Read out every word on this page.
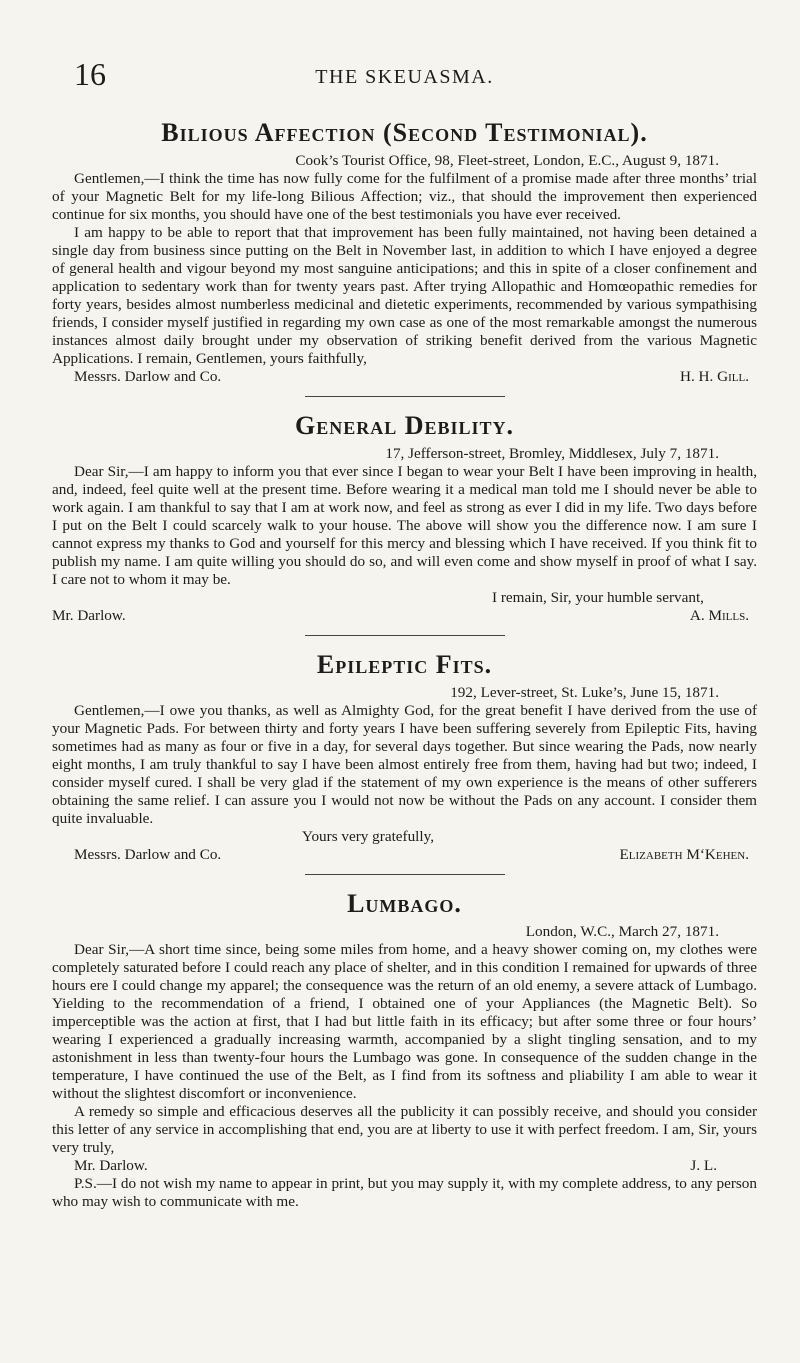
16	THE SKEUASMA.
Bilious Affection (Second Testimonial).
Cook’s Tourist Office, 98, Fleet-street, London, E.C., August 9, 1871.

Gentlemen,—I think the time has now fully come for the fulfilment of a promise made after three months’ trial of your Magnetic Belt for my life-long Bilious Affection; viz., that should the improvement then experienced continue for six months, you should have one of the best testimonials you have ever received.

I am happy to be able to report that that improvement has been fully maintained, not having been detained a single day from business since putting on the Belt in November last, in addition to which I have enjoyed a degree of general health and vigour beyond my most sanguine anticipations; and this in spite of a closer confinement and application to sedentary work than for twenty years past. After trying Allopathic and Homœopathic remedies for forty years, besides almost numberless medicinal and dietetic experiments, recommended by various sympathising friends, I consider myself justified in regarding my own case as one of the most remarkable amongst the numerous instances almost daily brought under my observation of striking benefit derived from the various Magnetic Applications. I remain, Gentlemen, yours faithfully,

Messrs. Darlow and Co.	H. H. Gill.
General Debility.
17, Jefferson-street, Bromley, Middlesex, July 7, 1871.

Dear Sir,—I am happy to inform you that ever since I began to wear your Belt I have been improving in health, and, indeed, feel quite well at the present time. Before wearing it a medical man told me I should never be able to work again. I am thankful to say that I am at work now, and feel as strong as ever I did in my life. Two days before I put on the Belt I could scarcely walk to your house. The above will show you the difference now. I am sure I cannot express my thanks to God and yourself for this mercy and blessing which I have received. If you think fit to publish my name. I am quite willing you should do so, and will even come and show myself in proof of what I say. I care not to whom it may be.

I remain, Sir, your humble servant,
Mr. Darlow.	A. Mills.
Epileptic Fits.
192, Lever-street, St. Luke’s, June 15, 1871.

Gentlemen,—I owe you thanks, as well as Almighty God, for the great benefit I have derived from the use of your Magnetic Pads. For between thirty and forty years I have been suffering severely from Epileptic Fits, having sometimes had as many as four or five in a day, for several days together. But since wearing the Pads, now nearly eight months, I am truly thankful to say I have been almost entirely free from them, having had but two; indeed, I consider myself cured. I shall be very glad if the statement of my own experience is the means of other sufferers obtaining the same relief. I can assure you I would not now be without the Pads on any account. I consider them quite invaluable.

Yours very gratefully,
Messrs. Darlow and Co.	Elizabeth M‘Kehen.
Lumbago.
London, W.C., March 27, 1871.

Dear Sir,—A short time since, being some miles from home, and a heavy shower coming on, my clothes were completely saturated before I could reach any place of shelter, and in this condition I remained for upwards of three hours ere I could change my apparel; the consequence was the return of an old enemy, a severe attack of Lumbago. Yielding to the recommendation of a friend, I obtained one of your Appliances (the Magnetic Belt). So imperceptible was the action at first, that I had but little faith in its efficacy; but after some three or four hours’ wearing I experienced a gradually increasing warmth, accompanied by a slight tingling sensation, and to my astonishment in less than twenty-four hours the Lumbago was gone. In consequence of the sudden change in the temperature, I have continued the use of the Belt, as I find from its softness and pliability I am able to wear it without the slightest discomfort or inconvenience.

A remedy so simple and efficacious deserves all the publicity it can possibly receive, and should you consider this letter of any service in accomplishing that end, you are at liberty to use it with perfect freedom. I am, Sir, yours very truly,

Mr. Darlow.	J. L.

P.S.—I do not wish my name to appear in print, but you may supply it, with my complete address, to any person who may wish to communicate with me.
